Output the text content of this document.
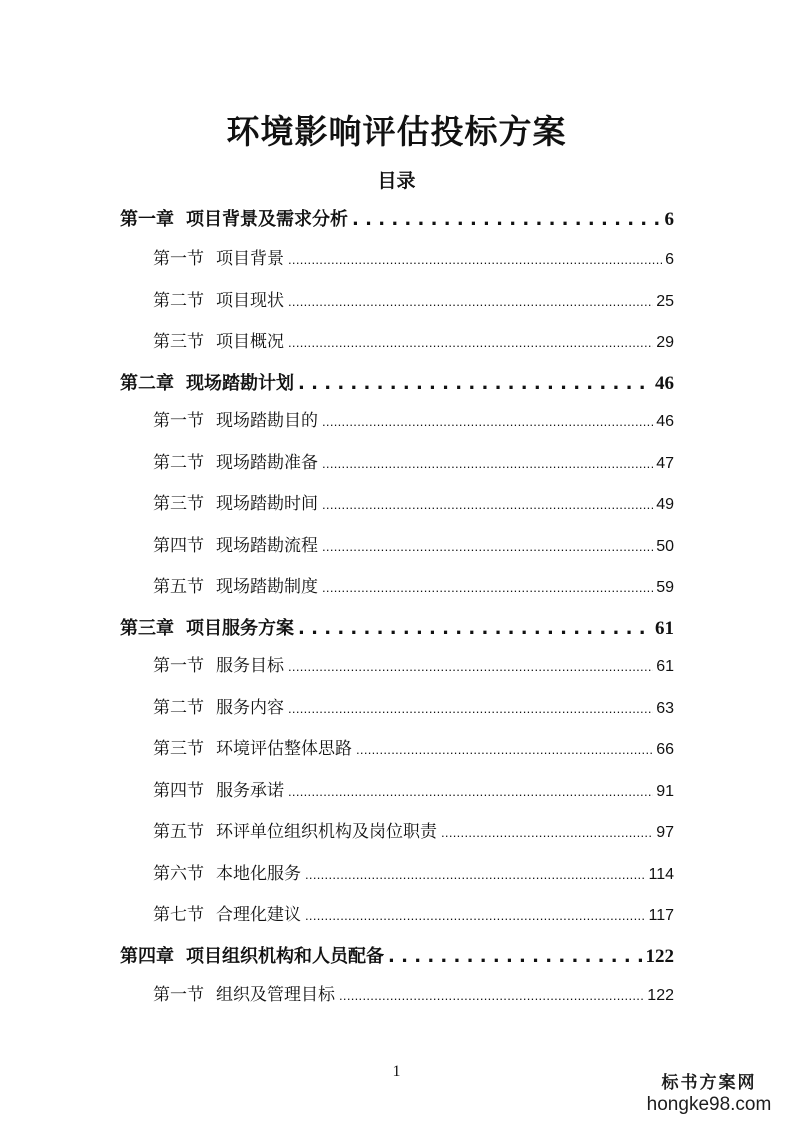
环境影响评估投标方案
目录
第一章 项目背景及需求分析 . . .	6
第一节 项目背景 .....	6
第二节 项目现状 .....	25
第三节 项目概况 .....	29
第二章 现场踏勘计划 . . .	46
第一节 现场踏勘目的 .....	46
第二节 现场踏勘准备 .....	47
第三节 现场踏勘时间 .....	49
第四节 现场踏勘流程 .....	50
第五节 现场踏勘制度 .....	59
第三章 项目服务方案 . . .	61
第一节 服务目标 .....	61
第二节 服务内容 .....	63
第三节 环境评估整体思路 .....	66
第四节 服务承诺 .....	91
第五节 环评单位组织机构及岗位职责 .....	97
第六节 本地化服务 .....	114
第七节 合理化建议 .....	117
第四章 项目组织机构和人员配备 . . .	122
第一节 组织及管理目标 .....	122
1
标书方案网
hongke98.com
